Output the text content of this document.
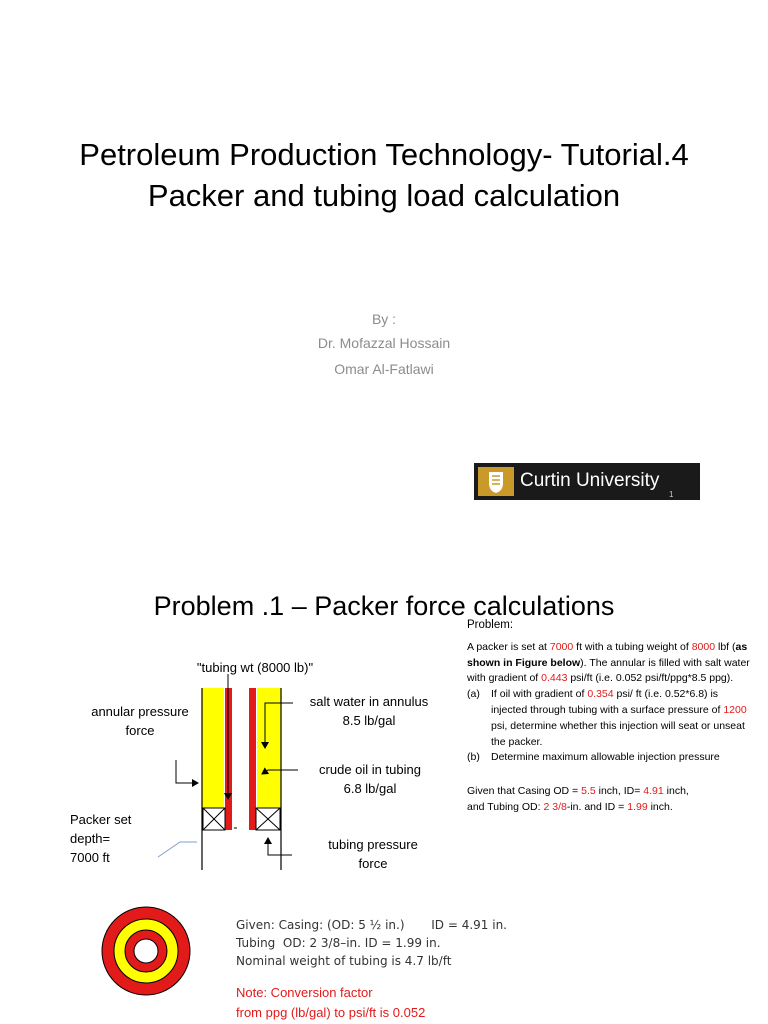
Petroleum Production Technology- Tutorial.4
Packer and tubing load calculation
By :
Dr. Mofazzal Hossain
Omar Al-Fatlawi
Curtin University
1
Problem .1 – Packer force calculations
"tubing wt (8000 lb)"
annular pressure force
salt water in annulus
8.5 lb/gal
crude oil in tubing
6.8 lb/gal
Packer set
depth=
7000 ft
tubing pressure
force
Problem:

A packer is set at 7000 ft with a tubing weight of 8000 lbf (as shown in Figure below). The annular is filled with salt water with gradient of 0.443 psi/ft (i.e. 0.052 psi/ft/ppg*8.5 ppg).

(a)	If oil with gradient of 0.354 psi/ ft (i.e. 0.52*6.8) is injected through tubing with a surface pressure of 1200 psi, determine whether this injection will seat or unseat the packer.
(b)	Determine maximum allowable injection pressure
Given that Casing OD = 5.5 inch, ID= 4.91 inch,
and Tubing OD: 2 3/8-in. and ID = 1.99 inch.
Given: Casing: (OD: 5 ½ in.)       ID = 4.91 in.
Tubing  OD: 2 3/8–in. ID = 1.99 in.
Nominal weight of tubing is 4.7 lb/ft
Note: Conversion factor
from ppg (lb/gal) to psi/ft is 0.052
